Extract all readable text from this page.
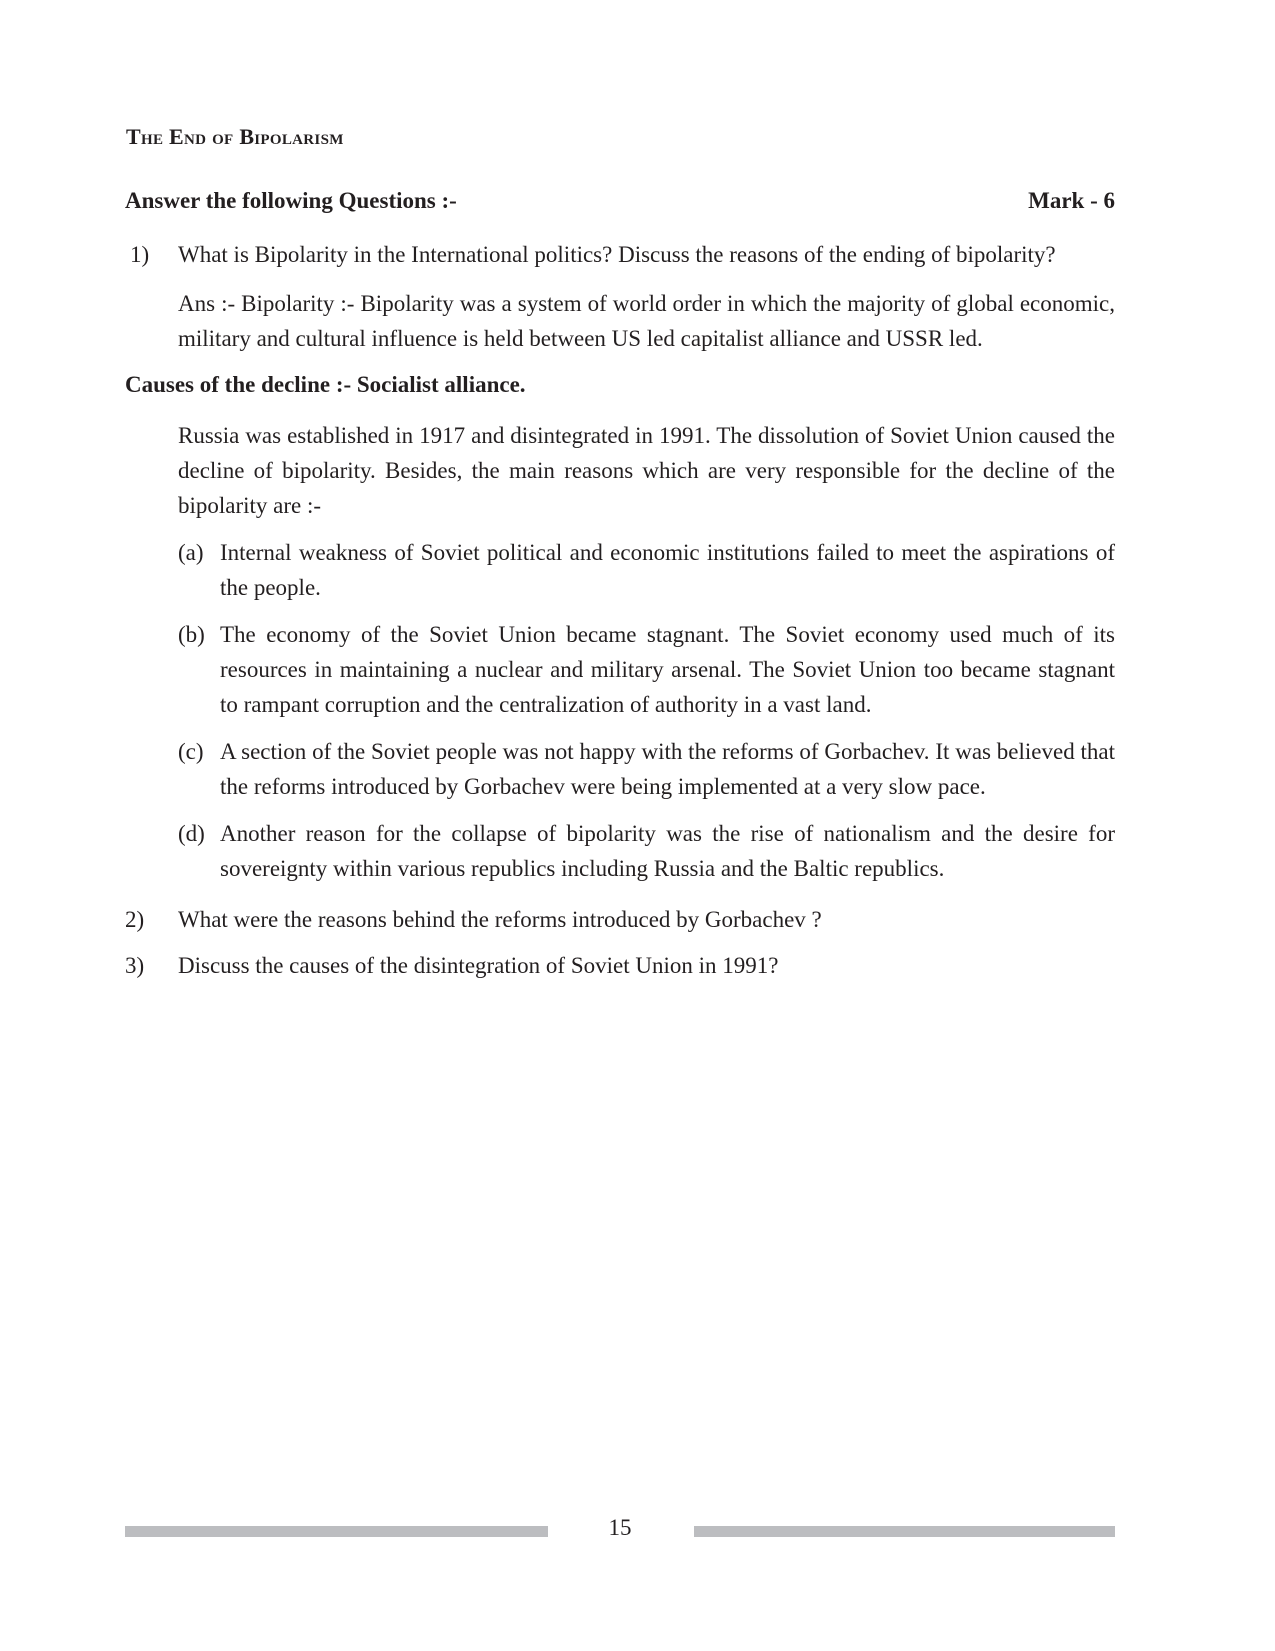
The End of Bipolarism
Answer the following Questions :-	Mark - 6
1)	What is Bipolarity in the International politics? Discuss the reasons of the ending of bipolarity?

Ans :- Bipolarity :- Bipolarity was a system of world order in which the majority of global economic, military and cultural influence is held between US led capitalist alliance and USSR led.

Causes of the decline :- Socialist alliance.

Russia was established in 1917 and disintegrated in 1991. The dissolution of Soviet Union caused the decline of bipolarity. Besides, the main reasons which are very responsible for the decline of the bipolarity are :-

(a) Internal weakness of Soviet political and economic institutions failed to meet the aspirations of the people.
(b) The economy of the Soviet Union became stagnant. The Soviet economy used much of its resources in maintaining a nuclear and military arsenal. The Soviet Union too became stagnant to rampant corruption and the centralization of authority in a vast land.
(c) A section of the Soviet people was not happy with the reforms of Gorbachev. It was believed that the reforms introduced by Gorbachev were being implemented at a very slow pace.
(d) Another reason for the collapse of bipolarity was the rise of nationalism and the desire for sovereignty within various republics including Russia and the Baltic republics.
2)	What were the reasons behind the reforms introduced by Gorbachev ?
3)	Discuss the causes of the disintegration of Soviet Union in 1991?
15
